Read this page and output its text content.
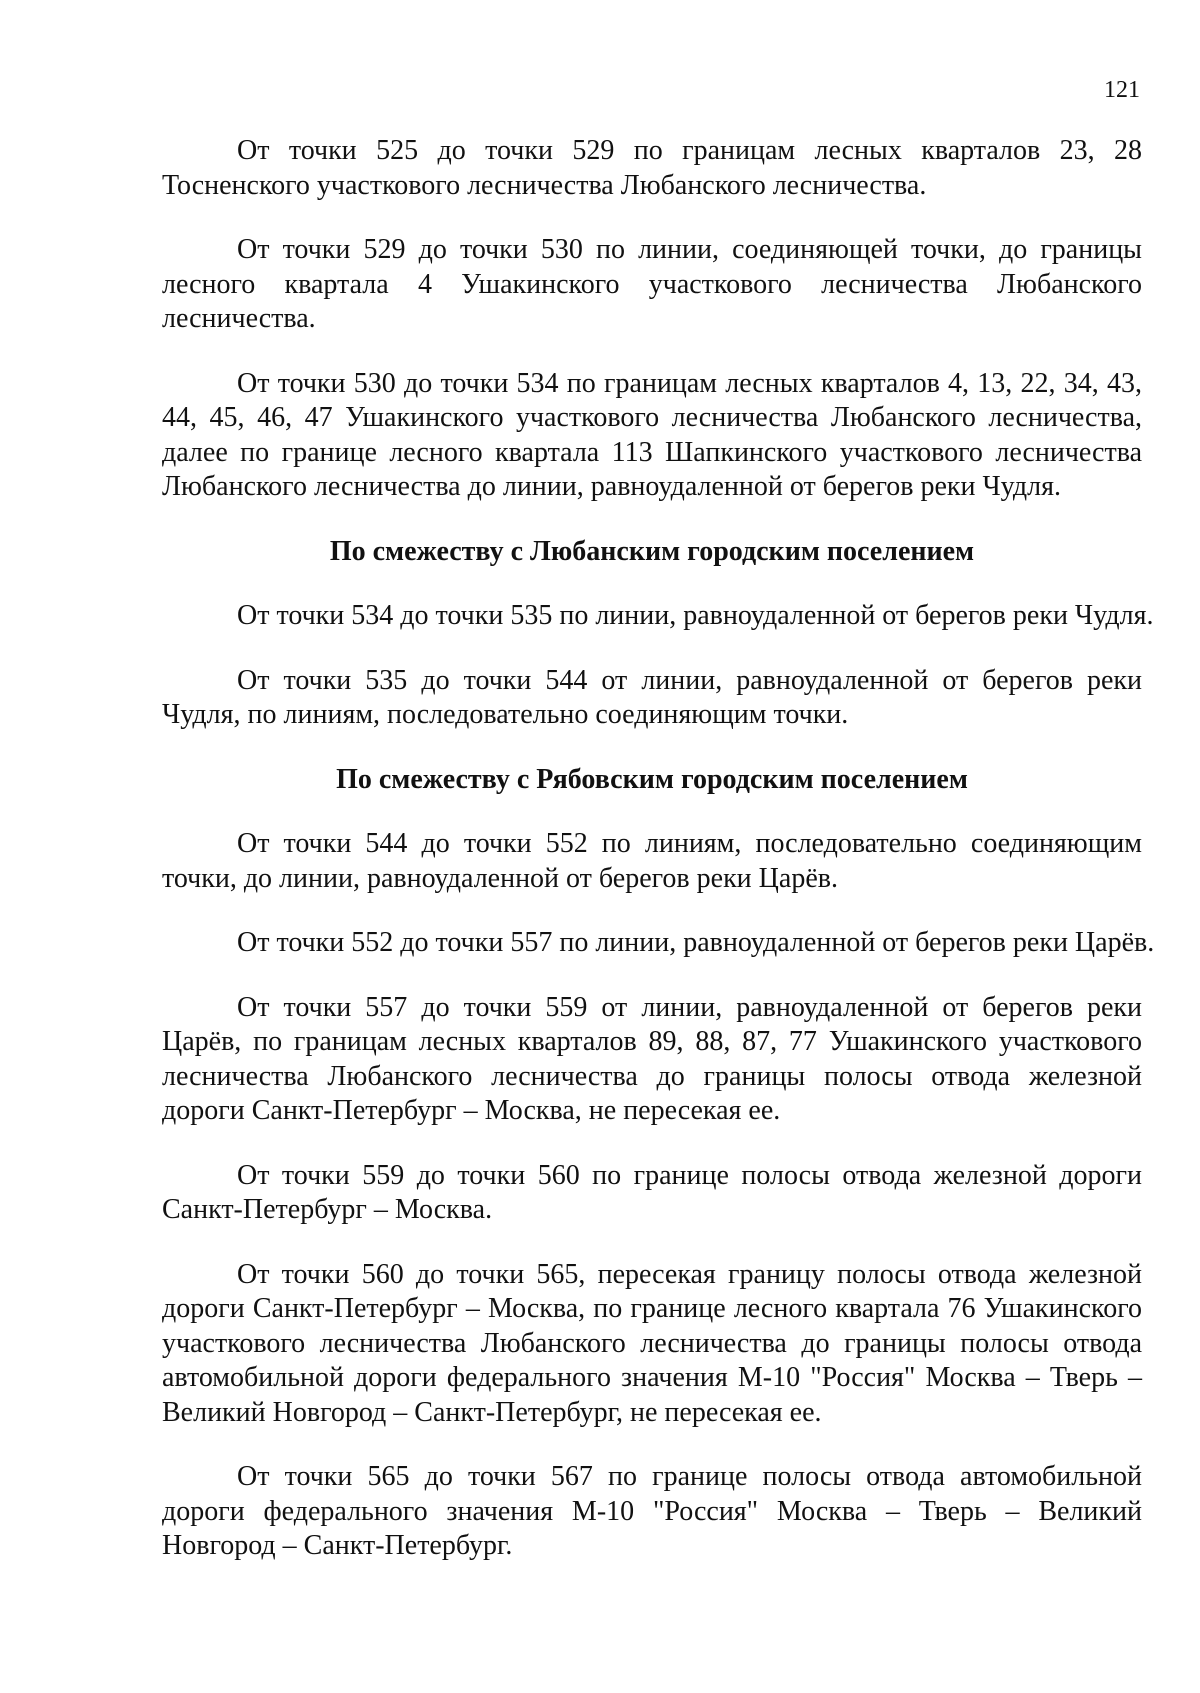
121

От точки 525 до точки 529 по границам лесных кварталов 23, 28 Тосненского участкового лесничества Любанского лесничества.

От точки 529 до точки 530 по линии, соединяющей точки, до границы лесного квартала 4 Ушакинского участкового лесничества Любанского лесничества.

От точки 530 до точки 534 по границам лесных кварталов 4, 13, 22, 34, 43, 44, 45, 46, 47 Ушакинского участкового лесничества Любанского лесничества, далее по границе лесного квартала 113 Шапкинского участкового лесничества Любанского лесничества до линии, равноудаленной от берегов реки Чудля.

По смежеству с Любанским городским поселением

От точки 534 до точки 535 по линии, равноудаленной от берегов реки Чудля.

От точки 535 до точки 544 от линии, равноудаленной от берегов реки Чудля, по линиям, последовательно соединяющим точки.

По смежеству с Рябовским городским поселением

От точки 544 до точки 552 по линиям, последовательно соединяющим точки, до линии, равноудаленной от берегов реки Царёв.

От точки 552 до точки 557 по линии, равноудаленной от берегов реки Царёв.

От точки 557 до точки 559 от линии, равноудаленной от берегов реки Царёв, по границам лесных кварталов 89, 88, 87, 77 Ушакинского участкового лесничества Любанского лесничества до границы полосы отвода железной дороги Санкт-Петербург – Москва, не пересекая ее.

От точки 559 до точки 560 по границе полосы отвода железной дороги Санкт-Петербург – Москва.

От точки 560 до точки 565, пересекая границу полосы отвода железной дороги Санкт-Петербург – Москва, по границе лесного квартала 76 Ушакинского участкового лесничества Любанского лесничества до границы полосы отвода автомобильной дороги федерального значения М-10 "Россия" Москва – Тверь – Великий Новгород – Санкт-Петербург, не пересекая ее.

От точки 565 до точки 567 по границе полосы отвода автомобильной дороги федерального значения М-10 "Россия" Москва – Тверь – Великий Новгород – Санкт-Петербург.
